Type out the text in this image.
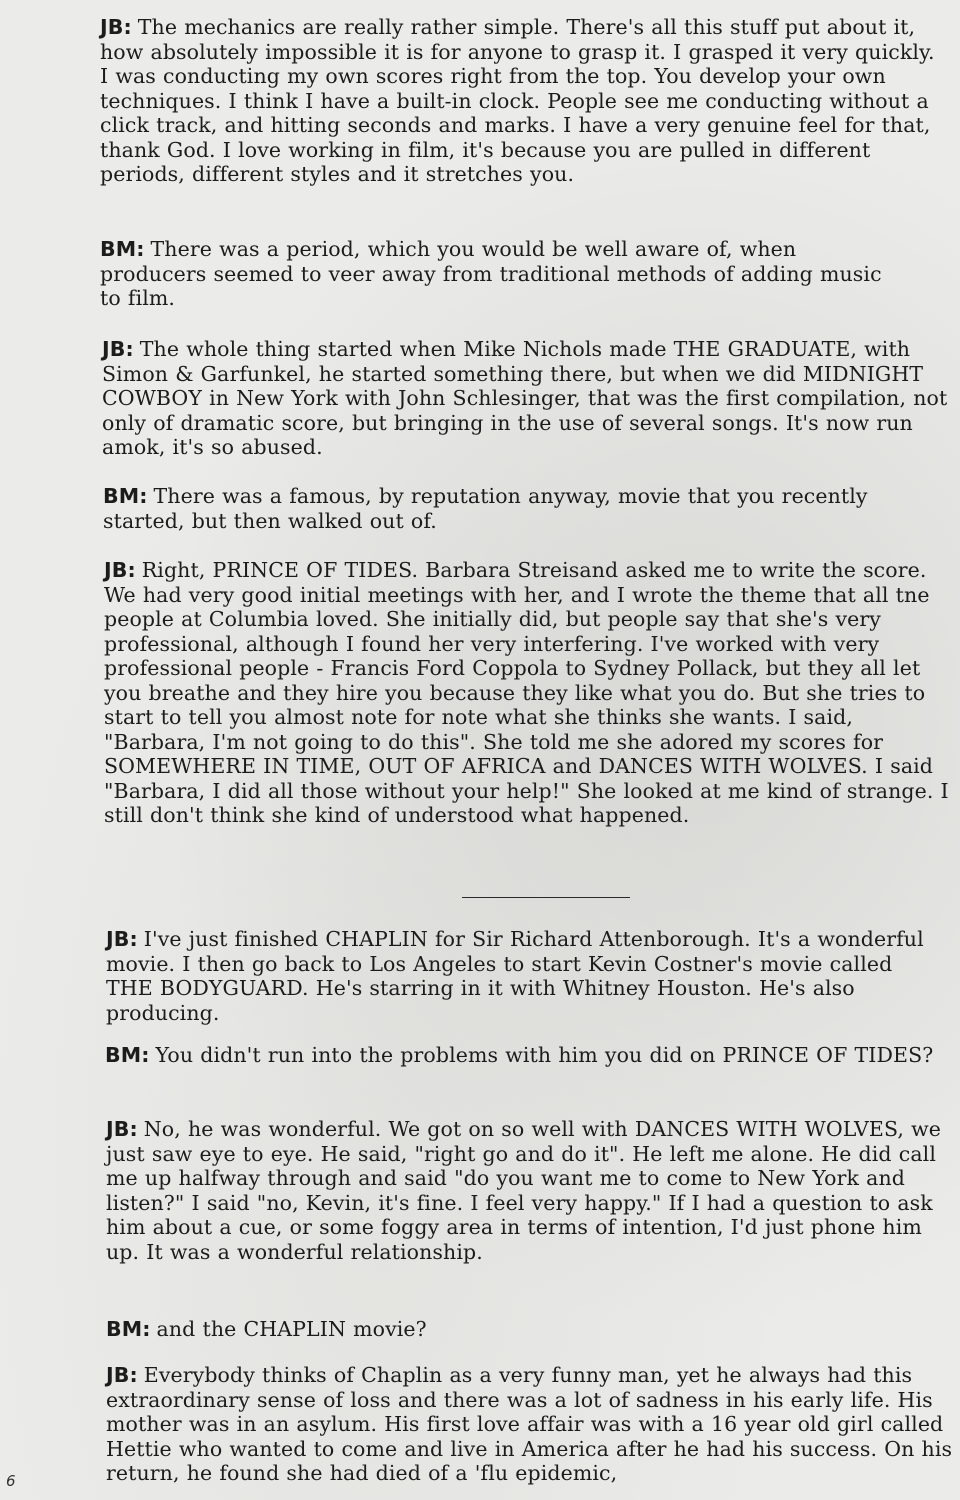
JB: The mechanics are really rather simple. There's all this stuff put about it, how absolutely impossible it is for anyone to grasp it. I grasped it very quickly. I was conducting my own scores right from the top. You develop your own techniques. I think I have a built-in clock. People see me conducting without a click track, and hitting seconds and marks. I have a very genuine feel for that, thank God. I love working in film, it's because you are pulled in different periods, different styles and it stretches you.

BM: There was a period, which you would be well aware of, when producers seemed to veer away from traditional methods of adding music to film.

JB: The whole thing started when Mike Nichols made THE GRADUATE, with Simon & Garfunkel, he started something there, but when we did MIDNIGHT COWBOY in New York with John Schlesinger, that was the first compilation, not only of dramatic score, but bringing in the use of several songs. It's now run amok, it's so abused.

BM: There was a famous, by reputation anyway, movie that you recently started, but then walked out of.

JB: Right, PRINCE OF TIDES. Barbara Streisand asked me to write the score. We had very good initial meetings with her, and I wrote the theme that all tne people at Columbia loved. She initially did, but people say that she's very professional, although I found her very interfering. I've worked with very professional people - Francis Ford Coppola to Sydney Pollack, but they all let you breathe and they hire you because they like what you do. But she tries to start to tell you almost note for note what she thinks she wants. I said, "Barbara, I'm not going to do this". She told me she adored my scores for SOMEWHERE IN TIME, OUT OF AFRICA and DANCES WITH WOLVES. I said "Barbara, I did all those without your help!" She looked at me kind of strange. I still don't think she kind of understood what happened.

JB: I've just finished CHAPLIN for Sir Richard Attenborough. It's a wonderful movie. I then go back to Los Angeles to start Kevin Costner's movie called THE BODYGUARD. He's starring in it with Whitney Houston. He's also producing.

BM: You didn't run into the problems with him you did on PRINCE OF TIDES?

JB: No, he was wonderful. We got on so well with DANCES WITH WOLVES, we just saw eye to eye. He said, "right go and do it". He left me alone. He did call me up halfway through and said "do you want me to come to New York and listen?" I said "no, Kevin, it's fine. I feel very happy." If I had a question to ask him about a cue, or some foggy area in terms of intention, I'd just phone him up. It was a wonderful relationship.

BM: and the CHAPLIN movie?

JB: Everybody thinks of Chaplin as a very funny man, yet he always had this extraordinary sense of loss and there was a lot of sadness in his early life. His mother was in an asylum. His first love affair was with a 16 year old girl called Hettie who wanted to come and live in America after he had his success. On his return, he found she had died of a 'flu epidemic,

6
